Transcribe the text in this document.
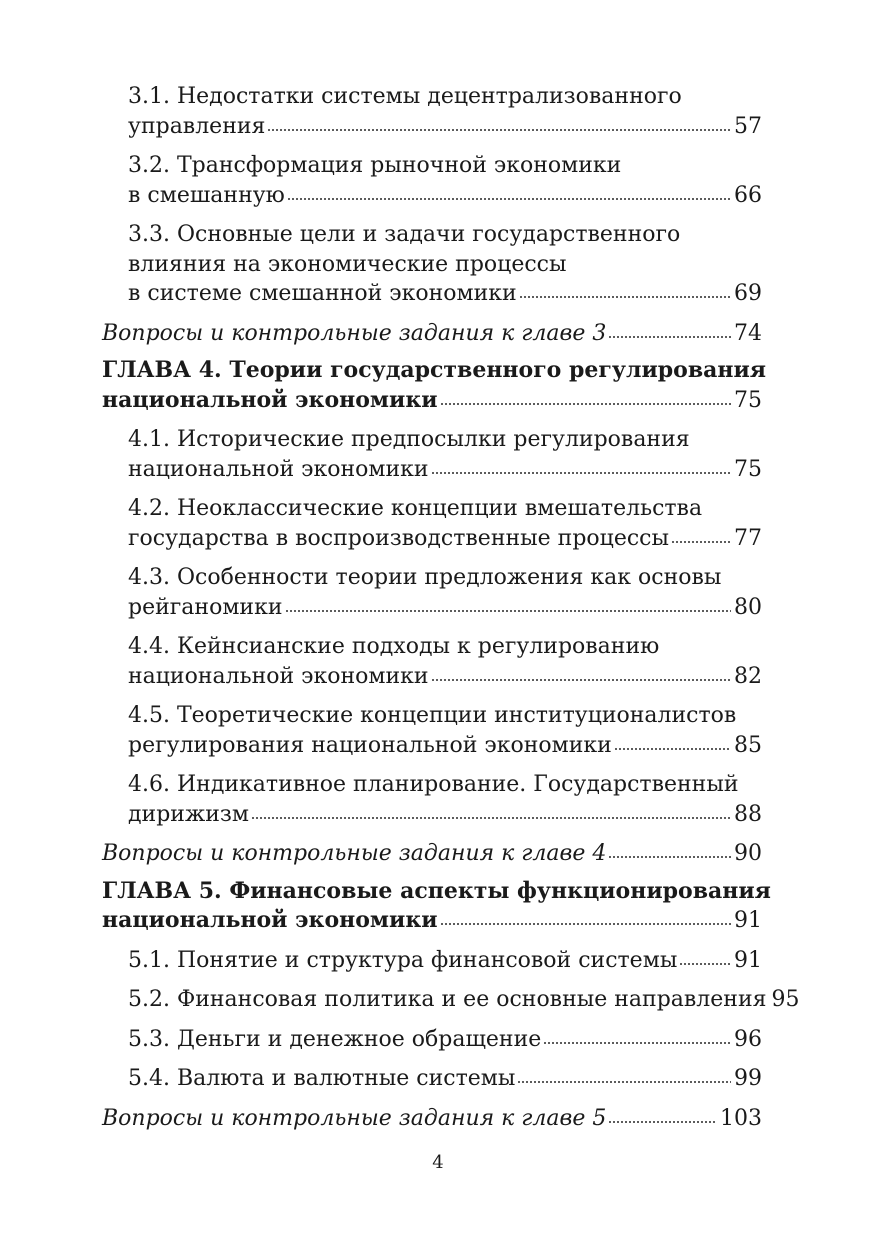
3.1. Недостатки системы децентрализованного
управления	57
3.2. Трансформация рыночной экономики
в смешанную	66
3.3. Основные цели и задачи государственного
влияния на экономические процессы
в системе смешанной экономики	69
Вопросы и контрольные задания к главе 3	74
ГЛАВА 4. Теории государственного регулирования
национальной экономики	75
4.1. Исторические предпосылки регулирования
национальной экономики	75
4.2. Неоклассические концепции вмешательства
государства в воспроизводственные процессы	77
4.3. Особенности теории предложения как основы
рейганомики	80
4.4. Кейнсианские подходы к регулированию
национальной экономики	82
4.5. Теоретические концепции институционалистов
регулирования национальной экономики	85
4.6. Индикативное планирование. Государственный
дирижизм	88
Вопросы и контрольные задания к главе 4	90
ГЛАВА 5. Финансовые аспекты функционирования
национальной экономики	91
5.1. Понятие и структура финансовой системы	91
5.2. Финансовая политика и ее основные направления 95
5.3. Деньги и денежное обращение	96
5.4. Валюта и валютные системы	99
Вопросы и контрольные задания к главе 5	103
4
